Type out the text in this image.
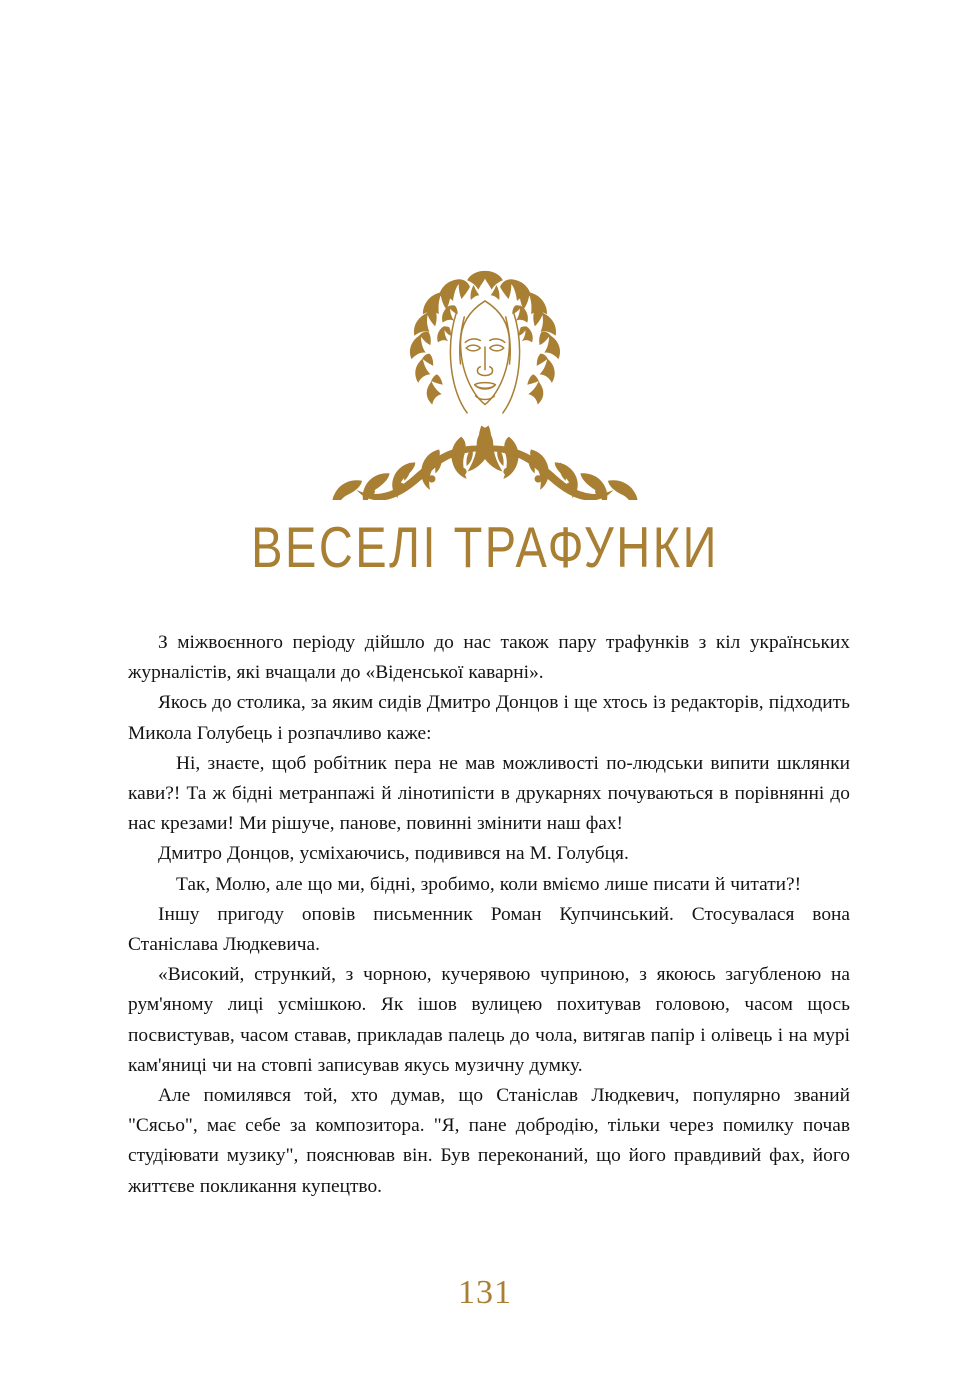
ВЕСЕЛІ ТРАФУНКИ

З міжвоєнного періоду дійшло до нас також пару трафунків з кіл українських журналістів, які вчащали до «Віденської каварні».

Якось до столика, за яким сидів Дмитро Донцов і ще хтось із редакторів, підходить Микола Голубець і розпачливо каже:

Ні, знаєте, щоб робітник пера не мав можливості по-людськи випити шклянки кави?! Та ж бідні метранпажі й лінотипісти в друкарнях почуваються в порівнянні до нас крезами! Ми рішуче, панове, повинні змінити наш фах!

Дмитро Донцов, усміхаючись, подивився на М. Голубця.

Так, Молю, але що ми, бідні, зробимо, коли вміємо лише писати й читати?!

Іншу пригоду оповів письменник Роман Купчинський. Стосувалася вона Станіслава Людкевича.

«Високий, стрункий, з чорною, кучерявою чуприною, з якоюсь загубленою на рум'яному лиці усмішкою. Як ішов вулицею похитував головою, часом щось посвистував, часом ставав, прикладав палець до чола, витягав папір і олівець і на мурі кам'яниці чи на стовпі записував якусь музичну думку.

Але помилявся той, хто думав, що Станіслав Людкевич, популярно званий "Сясьо", має себе за композитора. "Я, пане добродію, тільки через помилку почав студіювати музику", пояснював він. Був переконаний, що його правдивий фах, його життєве покликання купецтво.

131
